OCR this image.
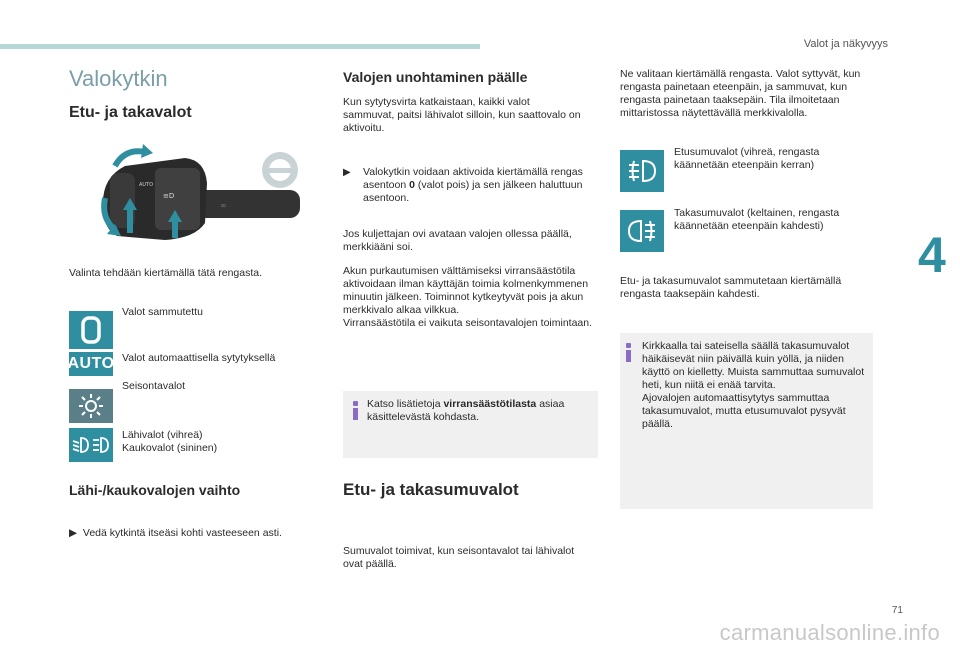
Valot ja näkyvyys
4
Valokytkin
Etu- ja takavalot
AUTO
≡D
∞
Valinta tehdään kiertämällä tätä rengasta.
Valot sammutettu
AUTO Valot automaattisella sytytyksellä
Seisontavalot
Lähivalot (vihreä)
Kaukovalot (sininen)
Lähi-/kaukovalojen vaihto
▶  Vedä kytkintä itseäsi kohti vasteeseen asti.
Valojen unohtaminen päälle
Kun sytytysvirta katkaistaan, kaikki valot sammuvat, paitsi lähivalot silloin, kun saattovalo on aktivoitu.
▶ Valokytkin voidaan aktivoida kiertämällä rengas asentoon 0 (valot pois) ja sen jälkeen haluttuun asentoon.
Jos kuljettajan ovi avataan valojen ollessa päällä, merkkiääni soi.
Akun purkautumisen välttämiseksi virransäästötila aktivoidaan ilman käyttäjän toimia kolmenkymmenen minuutin jälkeen. Toiminnot kytkeytyvät pois ja akun merkkivalo alkaa vilkkua.
Virransäästötila ei vaikuta seisontavalojen toimintaan.
Katso lisätietoja virransäästötilasta asiaa käsittelevästä kohdasta.
Etu- ja takasumuvalot
Sumuvalot toimivat, kun seisontavalot tai lähivalot ovat päällä.
Ne valitaan kiertämällä rengasta. Valot syttyvät, kun rengasta painetaan eteenpäin, ja sammuvat, kun rengasta painetaan taaksepäin. Tila ilmoitetaan mittaristossa näytettävällä merkkivalolla.
Etusumuvalot (vihreä, rengasta käännetään eteenpäin kerran)
Takasumuvalot (keltainen, rengasta käännetään eteenpäin kahdesti)
Etu- ja takasumuvalot sammutetaan kiertämällä rengasta taaksepäin kahdesti.
Kirkkaalla tai sateisella säällä takasumuvalot häikäisevät niin päivällä kuin yöllä, ja niiden käyttö on kielletty. Muista sammuttaa sumuvalot heti, kun niitä ei enää tarvita.
Ajovalojen automaattisytytys sammuttaa takasumuvalot, mutta etusumuvalot pysyvät päällä.
71
carmanualsonline.info
